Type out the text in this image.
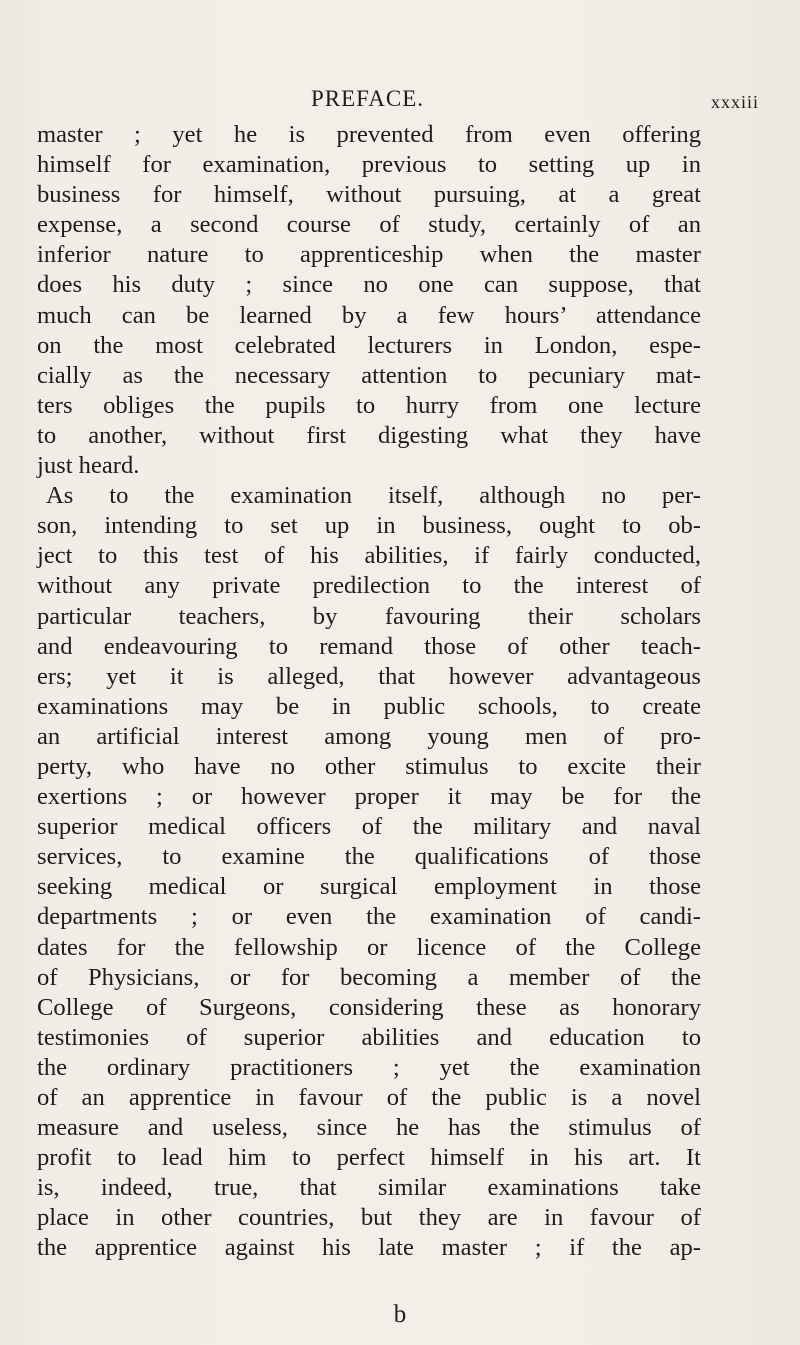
PREFACE.	xxxiii
master ; yet he is prevented from even offering
himself for examination, previous to setting up in
business for himself, without pursuing, at a great
expense, a second course of study, certainly of an
inferior nature to apprenticeship when the master
does his duty ; since no one can suppose, that
much can be learned by a few hours’ attendance
on the most celebrated lecturers in London, espe-
cially as the necessary attention to pecuniary mat-
ters obliges the pupils to hurry from one lecture
to another, without first digesting what they have
just heard.
As to the examination itself, although no per-
son, intending to set up in business, ought to ob-
ject to this test of his abilities, if fairly conducted,
without any private predilection to the interest of
particular teachers, by favouring their scholars
and endeavouring to remand those of other teach-
ers; yet it is alleged, that however advantageous
examinations may be in public schools, to create
an artificial interest among young men of pro-
perty, who have no other stimulus to excite their
exertions ; or however proper it may be for the
superior medical officers of the military and naval
services, to examine the qualifications of those
seeking medical or surgical employment in those
departments ; or even the examination of candi-
dates for the fellowship or licence of the College
of Physicians, or for becoming a member of the
College of Surgeons, considering these as honorary
testimonies of superior abilities and education to
the ordinary practitioners ; yet the examination
of an apprentice in favour of the public is a novel
measure and useless, since he has the stimulus of
profit to lead him to perfect himself in his art. It
is, indeed, true, that similar examinations take
place in other countries, but they are in favour of
the apprentice against his late master ; if the ap-
b
